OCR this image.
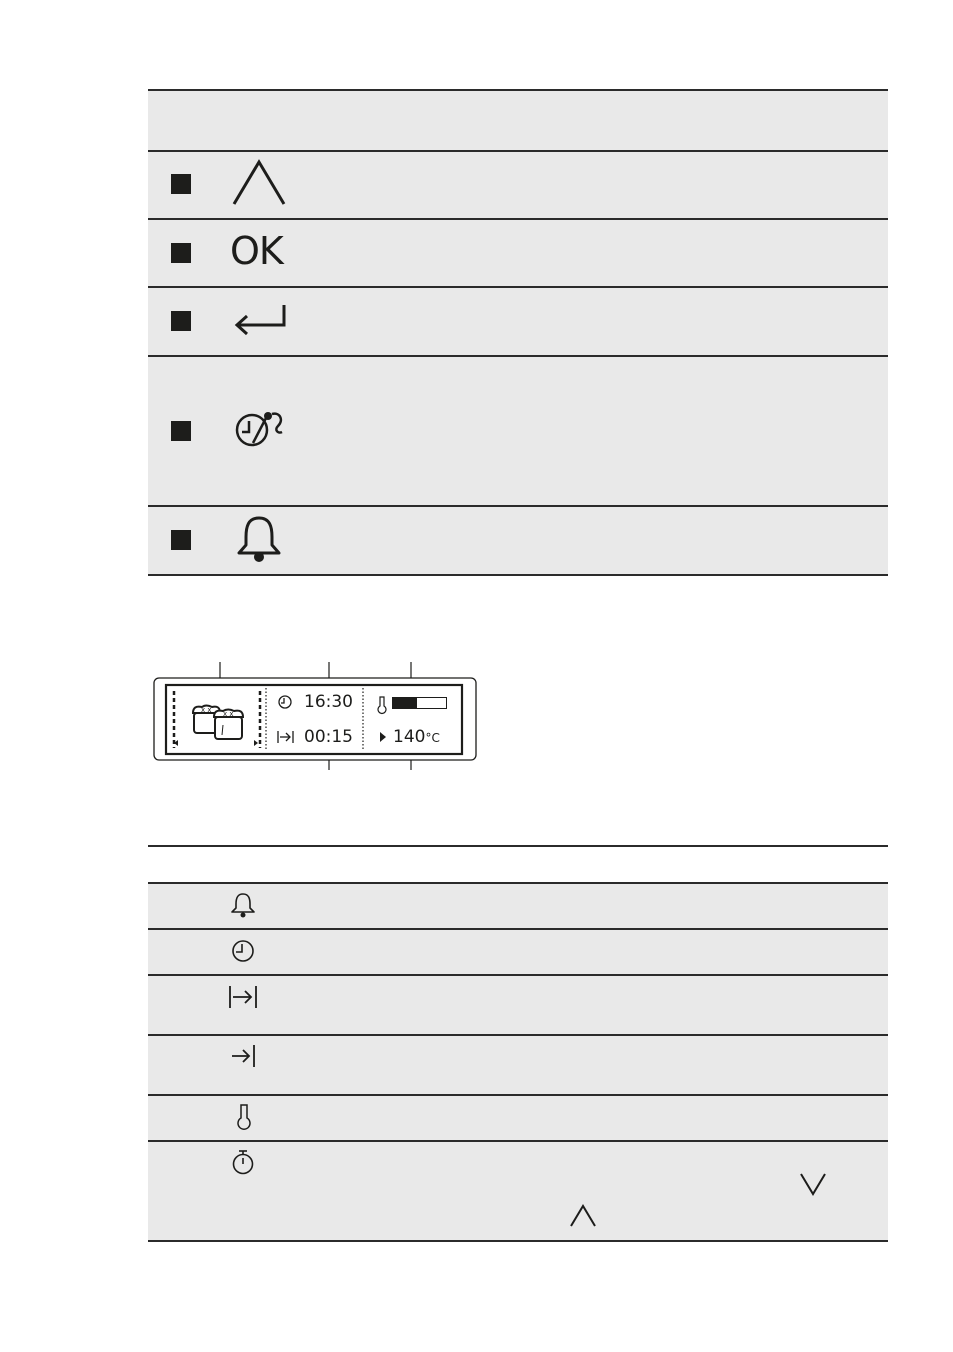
OK
x x x x
16:30
00:15 140°C
